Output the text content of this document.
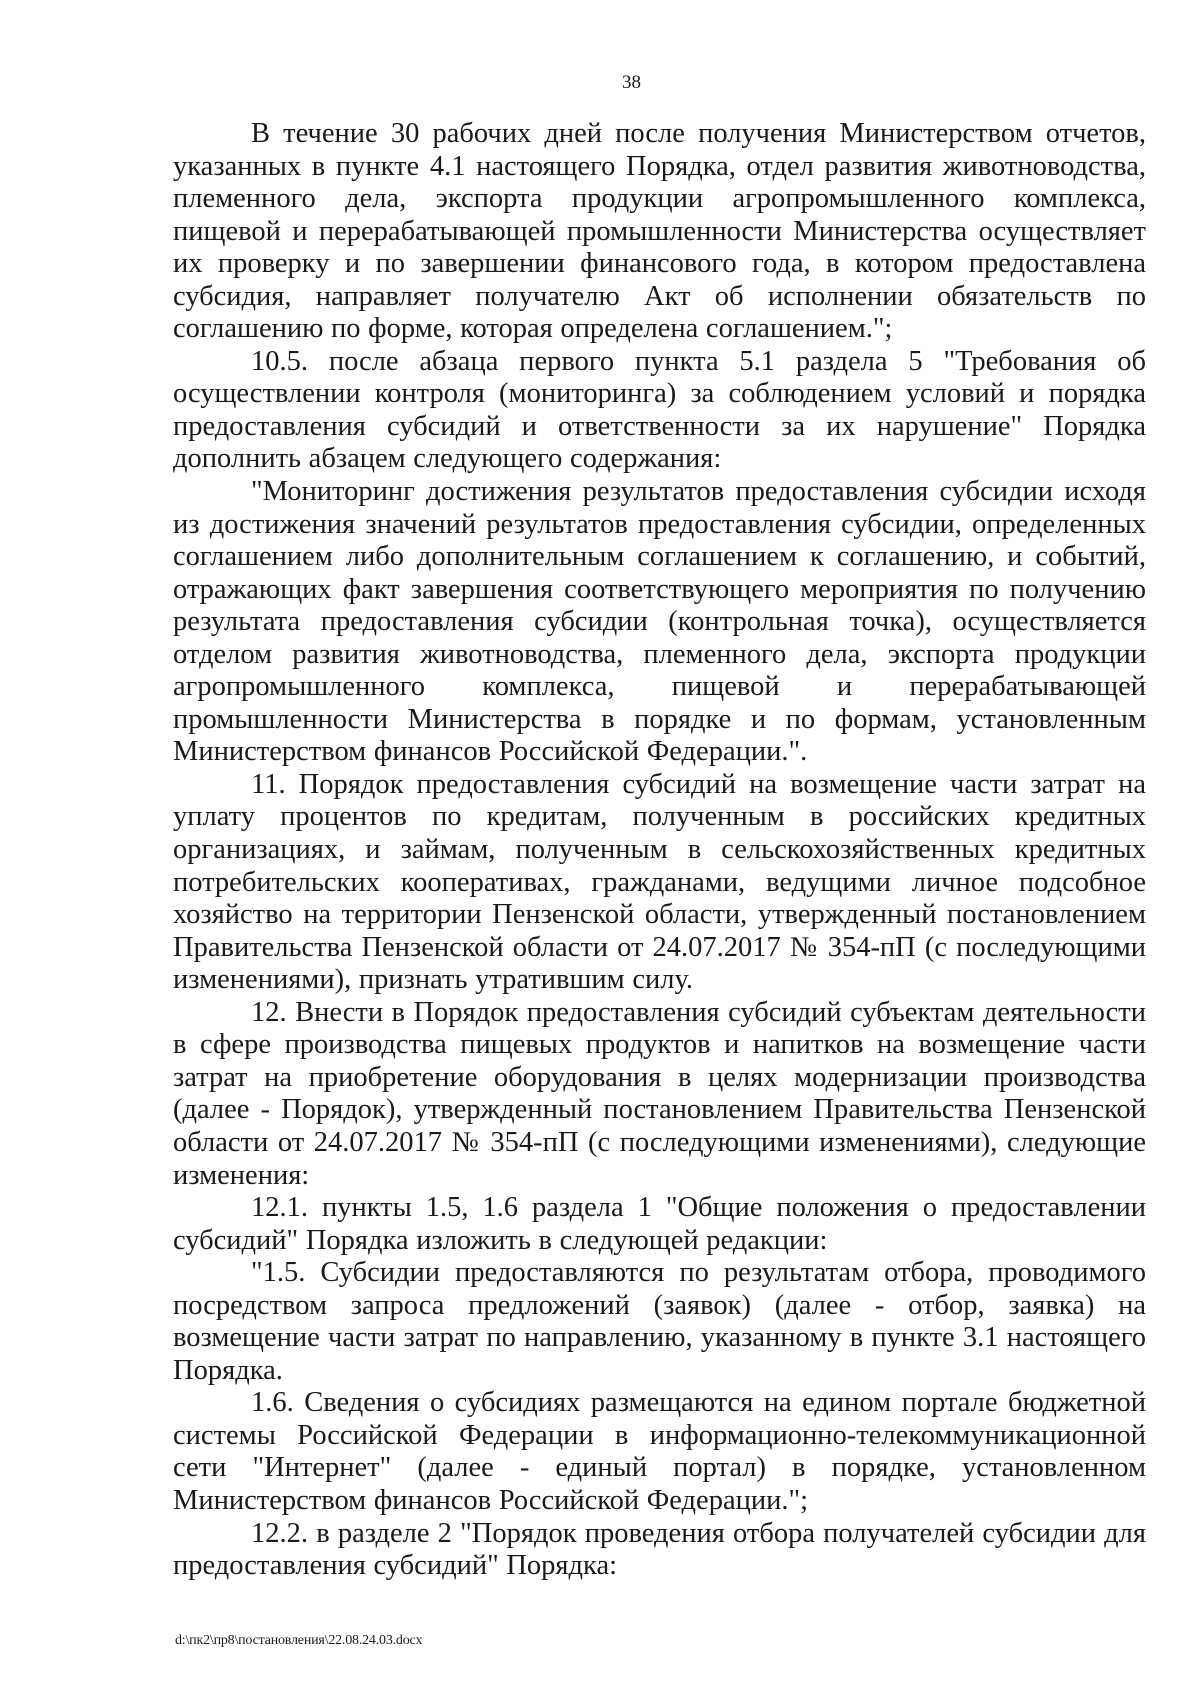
38

В течение 30 рабочих дней после получения Министерством отчетов, указанных в пункте 4.1 настоящего Порядка, отдел развития животноводства, племенного дела, экспорта продукции агропромышленного комплекса, пищевой и перерабатывающей промышленности Министерства осуществляет их проверку и по завершении финансового года, в котором предоставлена субсидия, направляет получателю Акт об исполнении обязательств по соглашению по форме, которая определена соглашением.";

10.5. после абзаца первого пункта 5.1 раздела 5 "Требования об осуществлении контроля (мониторинга) за соблюдением условий и порядка предоставления субсидий и ответственности за их нарушение" Порядка дополнить абзацем следующего содержания:

"Мониторинг достижения результатов предоставления субсидии исходя из достижения значений результатов предоставления субсидии, определенных соглашением либо дополнительным соглашением к соглашению, и событий, отражающих факт завершения соответствующего мероприятия по получению результата предоставления субсидии (контрольная точка), осуществляется отделом развития животноводства, племенного дела, экспорта продукции агропромышленного комплекса, пищевой и перерабатывающей промышленности Министерства в порядке и по формам, установленным Министерством финансов Российской Федерации.".

11. Порядок предоставления субсидий на возмещение части затрат на уплату процентов по кредитам, полученным в российских кредитных организациях, и займам, полученным в сельскохозяйственных кредитных потребительских кооперативах, гражданами, ведущими личное подсобное хозяйство на территории Пензенской области, утвержденный постановлением Правительства Пензенской области от 24.07.2017 № 354-пП (с последующими изменениями), признать утратившим силу.

12. Внести в Порядок предоставления субсидий субъектам деятельности в сфере производства пищевых продуктов и напитков на возмещение части затрат на приобретение оборудования в целях модернизации производства (далее - Порядок), утвержденный постановлением Правительства Пензенской области от 24.07.2017 № 354-пП (с последующими изменениями), следующие изменения:

12.1. пункты 1.5, 1.6 раздела 1 "Общие положения о предоставлении субсидий" Порядка изложить в следующей редакции:

"1.5. Субсидии предоставляются по результатам отбора, проводимого посредством запроса предложений (заявок) (далее - отбор, заявка) на возмещение части затрат по направлению, указанному в пункте 3.1 настоящего Порядка.

1.6. Сведения о субсидиях размещаются на едином портале бюджетной системы Российской Федерации в информационно-телекоммуникационной сети "Интернет" (далее - единый портал) в порядке, установленном Министерством финансов Российской Федерации.";

12.2. в разделе 2 "Порядок проведения отбора получателей субсидии для предоставления субсидий" Порядка:

d:\пк2\пр8\постановления\22.08.24.03.docx
